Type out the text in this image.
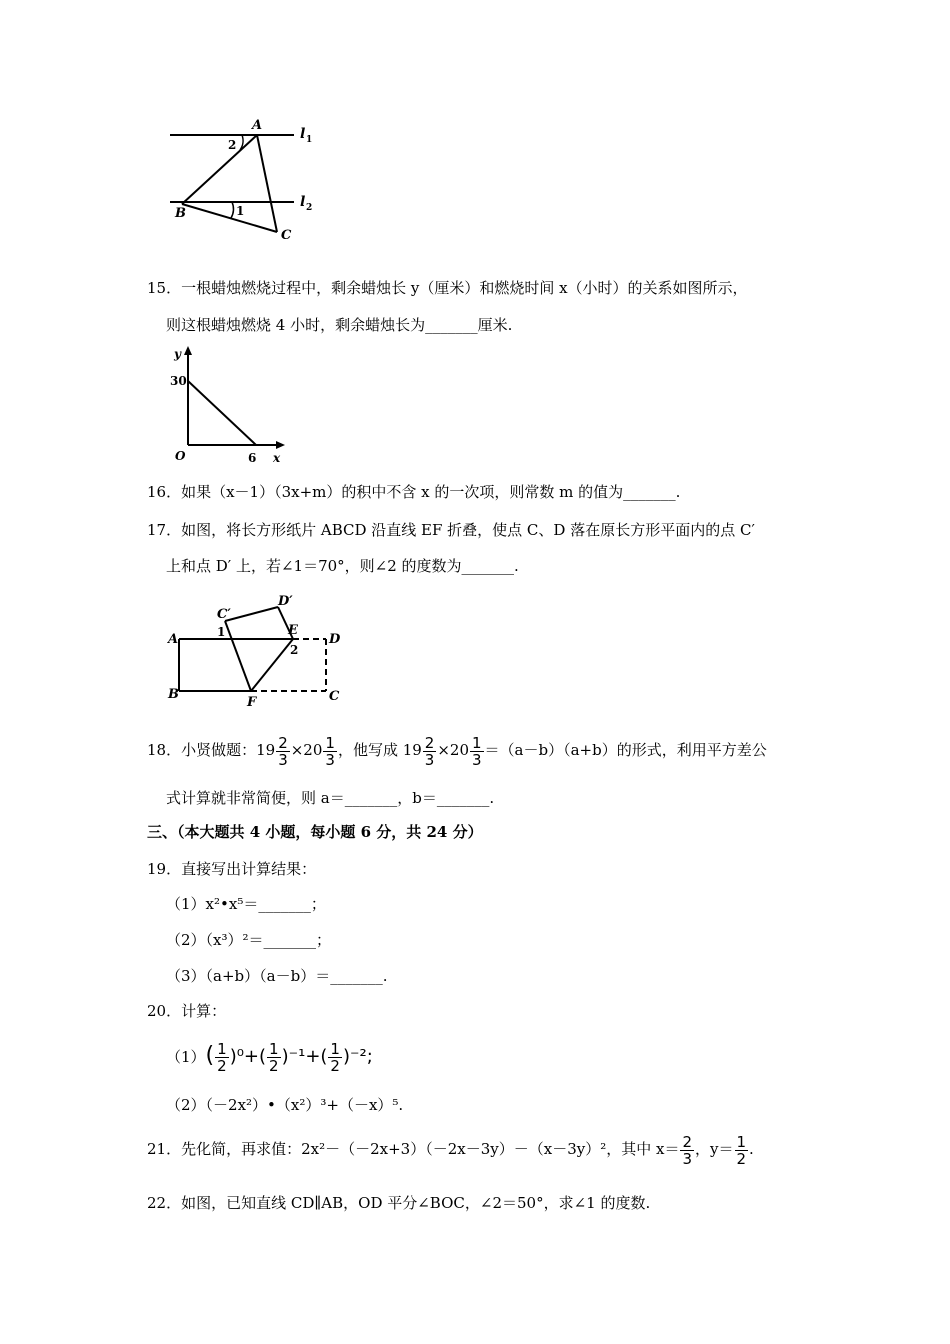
A
B
C
l 1
l 2
2
1
15．一根蜡烛燃烧过程中，剩余蜡烛长 y（厘米）和燃烧时间 x（小时）的关系如图所示，
则这根蜡烛燃烧 4 小时，剩余蜡烛长为_______厘米.
y
x
O
30
6
16．如果（x－1）（3x+m）的积中不含 x 的一次项，则常数 m 的值为_______.
17．如图，将长方形纸片 ABCD 沿直线 EF 折叠，使点 C、D 落在原长方形平面内的点 C′
上和点 D′ 上，若∠1＝70°，则∠2 的度数为_______.
A
B	C
D
E
F
C′
D′
1
2
18．小贤做题：$19 \frac{2}{3} \times 20 \frac{1}{3}$ ，他写成 $19 \frac{2}{3} \times 20 \frac{1}{3} =(a-b)(a+b)$的形式，利用平方差公
式计算就非常简便，则 a＝_______，b＝_______.
三、（本大题共 4 小题，每小题 6 分，共 24 分）
19．直接写出计算结果：
（1）x²•x⁵＝_______；
（2）（x³）²＝_______；
（3）（a+b）（a－b）＝_______.
20．计算：
$(1)( \frac{1}{2} )^0+( \frac{1}{2} )^{-1}+( \frac{1}{2} )^{-2}$;
（2）（－2x²）•（x²）³+（－x）⁵.
21．先化简，再求值：2x²－（－2x+3）（－2x－3y）－（x－3y）²，其中 $x= \frac{2}{3}$ ，$y= \frac{1}{2}$ .
22．如图，已知直线 CD∥AB，OD 平分∠BOC，∠2＝50°，求∠1 的度数.
